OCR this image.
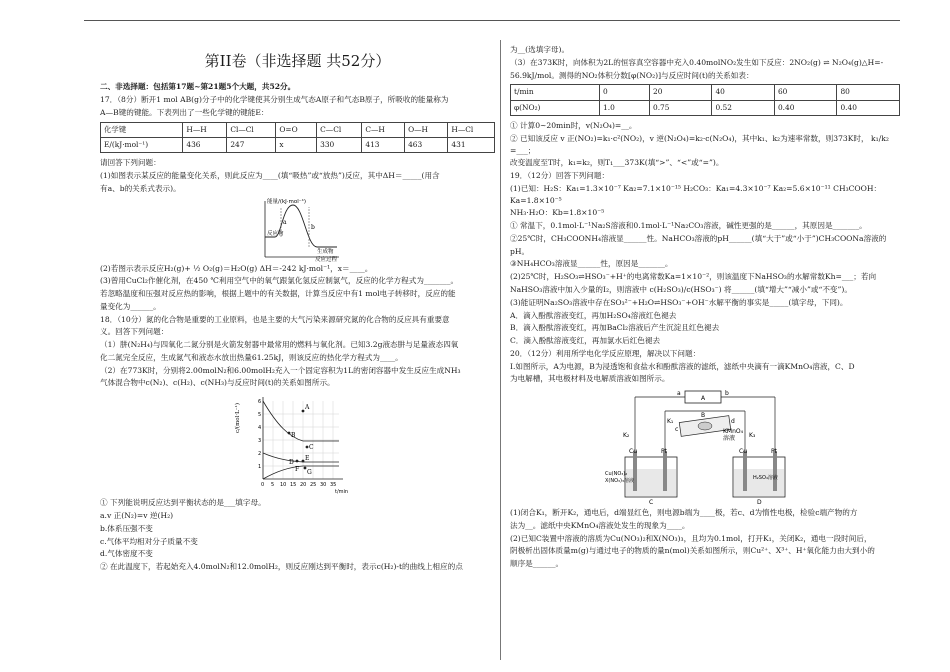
第II卷（非选择题 共52分）

二、非选择题：包括第17题~第21题5个大题，共52分。

17．（8分）断开1 mol AB(g)分子中的化学键使其分别生成气态A原子和气态B原子，所吸收的能量称为

A—B键的键能。下表列出了一些化学键的键能E：

化学键	H—H	Cl—Cl	O=O	C—Cl	C—H	O—H	H—Cl
E/(kJ·mol⁻¹)	436	247	x	330	413	463	431

请回答下列问题：

(1)如图表示某反应的能量变化关系，则此反应为____(填“吸热”或“放热”)反应，其中ΔH＝_____(用含

有a、b的关系式表示)。

能量/(kJ·mol⁻¹)
a
b
反应物
生成物
反应过程

(2)若图示表示反应H₂(g)+ ½ O₂(g)＝H₂O(g) ΔH＝-242 kJ·mol⁻¹，x＝____。

(3)曾用CuCl₂作催化剂，在450 ℃利用空气中的氧气跟氯化氢反应制氯气，反应的化学方程式为_______。

若忽略温度和压强对反应热的影响，根据上题中的有关数据，计算当反应中有1 mol电子转移时，反应的能

量变化为______。

18．（10分）氮的化合物是重要的工业原料，也是主要的大气污染来源研究氮的化合物的反应具有重要意

义。回答下列问题：

（1）肼(N₂H₄)与四氧化二氮分别是火箭发射器中最常用的燃料与氧化剂。已知3.2g液态肼与足量液态四氧

化二氮完全反应，生成氮气和液态水放出热量61.25kJ，则该反应的热化学方程式为____。

（2）在773K时，分别将2.00molN₂和6.00molH₂充入一个固定容积为1L的密闭容器中发生反应生成NH₃

气体混合物中c(N₂)、c(H₂)、c(NH₃)与反应时间(t)的关系如图所示。

c/(mol·L⁻¹)	A
B
C
D
E
F G
1
2
3
4
5
6
0 5 10 15 20 25 30 35
t/min

① 下列能说明反应达到平衡状态的是___填字母。

a.v 正(N₂)=v 逆(H₂)

b.体系压强不变

c.气体平均相对分子质量不变

d.气体密度不变

② 在此温度下，若起始充入4.0molN₂和12.0molH₂，则反应刚达到平衡时，表示c(H₂)-t的曲线上相应的点

为__(选填字母)。

（3）在373K时，向体积为2L的恒容真空容器中充入0.40molNO₂发生如下反应：2NO₂(g) ⇌ N₂O₄(g)△H=-

56.9kJ/mol。测得的NO₂体积分数[φ(NO₂)]与反应时间(t)的关系如表：

t/min	0	20	40	60	80
φ(NO₂)	1.0	0.75	0.52	0.40	0.40

① 计算0~20min时，v(N₂O₄)=__。

② 已知该反应 v 正(NO₂)=k₁·c²(NO₂)，v 逆(N₂O₄)=k₂·c(N₂O₄)，其中k₁、k₂为速率常数，则373K时， k₁/k₂ =___；

改变温度至T时，k₁=k₂，则T₁___373K(填“>”、“<”或“=”)。

19．（12分）回答下列问题：

(1)已知：H₂S：Ka₁=1.3×10⁻⁷ Ka₂=7.1×10⁻¹⁵ H₂CO₃：Ka₁=4.3×10⁻⁷ Ka₂=5.6×10⁻¹¹ CH₃COOH：Ka=1.8×10⁻⁵

NH₃·H₂O：Kb=1.8×10⁻⁵

① 常温下，0.1mol·L⁻¹Na₂S溶液和0.1mol·L⁻¹Na₂CO₃溶液，碱性更强的是______，其原因是_______。

②25℃时，CH₃COONH₄溶液显______性。NaHCO₃溶液的pH______(填“大于”或“小于”)CH₃COONa溶液的

pH。

③NH₄HCO₃溶液显______性，原因是_______。

(2)25℃时，H₂SO₃⇌HSO₃⁻+H⁺的电离常数Ka=1×10⁻²，则该温度下NaHSO₃的水解常数Kh=___；若向

NaHSO₃溶液中加入少量的I₂，则溶液中 c(H₂SO₃)/c(HSO₃⁻) 将______(填“增大”“减小”或“不变”)。

(3)能证明Na₂SO₃溶液中存在SO₃²⁻+H₂O⇌HSO₃⁻+OH⁻水解平衡的事实是_____(填字母，下同)。

A．滴入酚酞溶液变红，再加H₂SO₄溶液红色褪去

B．滴入酚酞溶液变红，再加BaCl₂溶液后产生沉淀且红色褪去

C．滴入酚酞溶液变红，再加氯水后红色褪去

20．（12分）利用所学电化学反应原理，解决以下问题：

Ⅰ.如图所示，A为电源，B为浸透饱和食盐水和酚酞溶液的滤纸，滤纸中央滴有一滴KMnO₄溶液，C、D

为电解槽，其电极材料及电解质溶液如图所示。

A
B
C	D
K₁
K₂	K₃
a	b
c
d
KMnO₄
溶液
Cu	Pt	Cu	Pt
Cu(NO₃)₂
X(NO₃)₃溶液	H₂SO₄溶液

(1)闭合K₁，断开K₂，通电后，d端显红色，则电源b端为____极，若c、d为惰性电极，检验c端产物的方

法为__。滤纸中央KMnO₄溶液处发生的现象为____。

(2)已知C装置中溶液的溶质为Cu(NO₃)₂和X(NO₃)₃，且均为0.1mol，打开K₁，关闭K₂，通电一段时间后，

阴极析出固体质量m(g)与通过电子的物质的量n(mol)关系如图所示，则Cu²⁺、X³⁺、H⁺氧化能力由大到小的

顺序是______。
